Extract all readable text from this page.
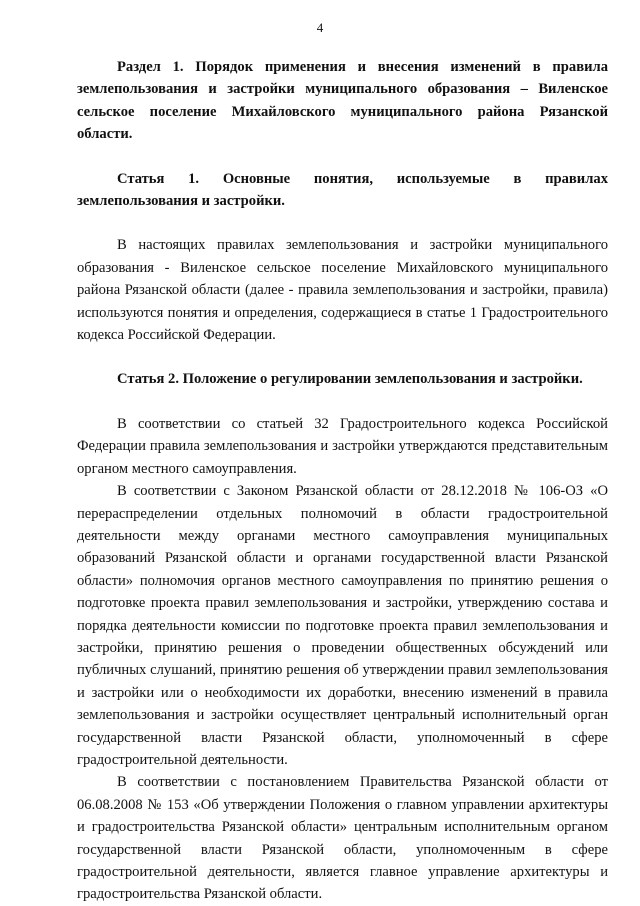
4

Раздел 1. Порядок применения и внесения изменений в правила землепользования и застройки муниципального образования – Виленское сельское поселение Михайловского муниципального района Рязанской области.

Статья 1. Основные понятия, используемые в правилах землепользования и застройки.

В настоящих правилах землепользования и застройки муниципального образования - Виленское сельское поселение Михайловского муниципального района Рязанской области (далее - правила землепользования и застройки, правила) используются понятия и определения, содержащиеся в статье 1 Градостроительного кодекса Российской Федерации.

Статья 2. Положение о регулировании землепользования и застройки.

В соответствии со статьей 32 Градостроительного кодекса Российской Федерации правила землепользования и застройки утверждаются представительным органом местного самоуправления.

В соответствии с Законом Рязанской области от 28.12.2018 № 106-ОЗ «О перераспределении отдельных полномочий в области градостроительной деятельности между органами местного самоуправления муниципальных образований Рязанской области и органами государственной власти Рязанской области» полномочия органов местного самоуправления по принятию решения о подготовке проекта правил землепользования и застройки, утверждению состава и порядка деятельности комиссии по подготовке проекта правил землепользования и застройки, принятию решения о проведении общественных обсуждений или публичных слушаний, принятию решения об утверждении правил землепользования и застройки или о необходимости их доработки, внесению изменений в правила землепользования и застройки осуществляет центральный исполнительный орган государственной власти Рязанской области, уполномоченный в сфере градостроительной деятельности.

В соответствии с постановлением Правительства Рязанской области от 06.08.2008 № 153 «Об утверждении Положения о главном управлении архитектуры и градостроительства Рязанской области» центральным исполнительным органом государственной власти Рязанской области, уполномоченным в сфере градостроительной деятельности, является главное управление архитектуры и градостроительства Рязанской области.
